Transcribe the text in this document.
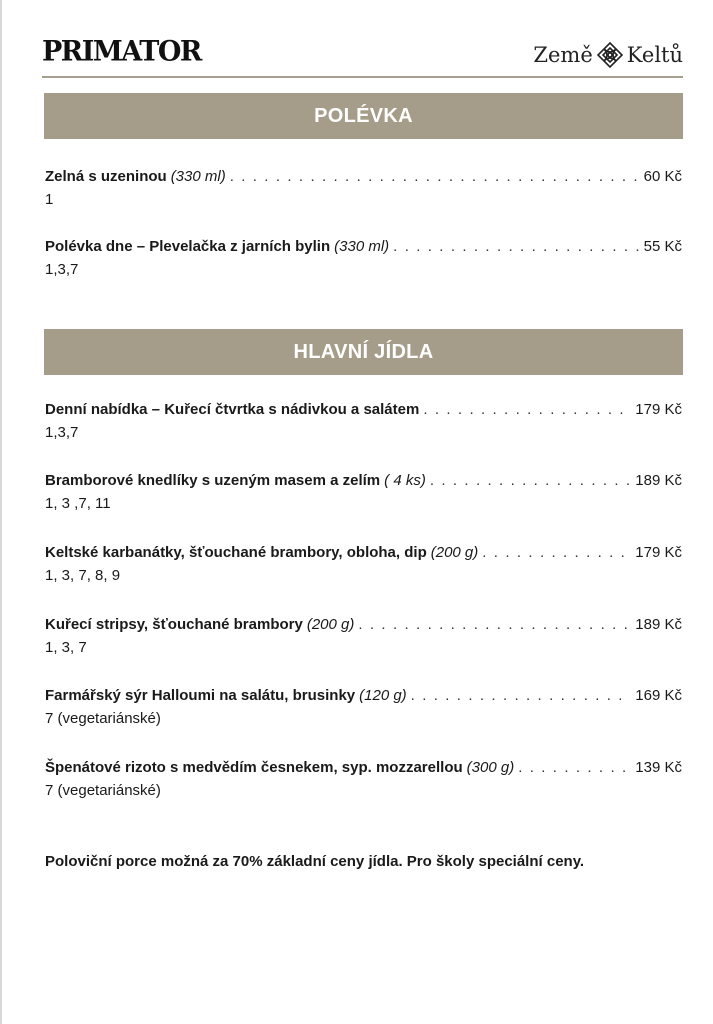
PRIMATOR	Země Keltů
POLÉVKA
Zelná s uzeninou (330 ml) . . .	60 Kč
1
Polévka dne – Plevelačka z jarních bylin (330 ml) . . .	55 Kč
1,3,7
HLAVNÍ JÍDLA
Denní nabídka – Kuřecí čtvrtka s nádivkou a salátem . . .	179 Kč
1,3,7
Bramborové knedlíky s uzeným masem a zelím ( 4 ks) . . .	189 Kč
1, 3 ,7, 11
Keltské karbanátky, šťouchané brambory, obloha, dip (200 g) . . .	179 Kč
1, 3, 7, 8, 9
Kuřecí stripsy, šťouchané brambory (200 g) . . .	189 Kč
1, 3, 7
Farmářský sýr Halloumi na salátu, brusinky (120 g) . . .	169 Kč
7 (vegetariánské)
Špenátové rizoto s medvědím česnekem, syp. mozzarellou (300 g) . . .	139 Kč
7 (vegetariánské)
Poloviční porce možná za 70% základní ceny jídla. Pro školy speciální ceny.
